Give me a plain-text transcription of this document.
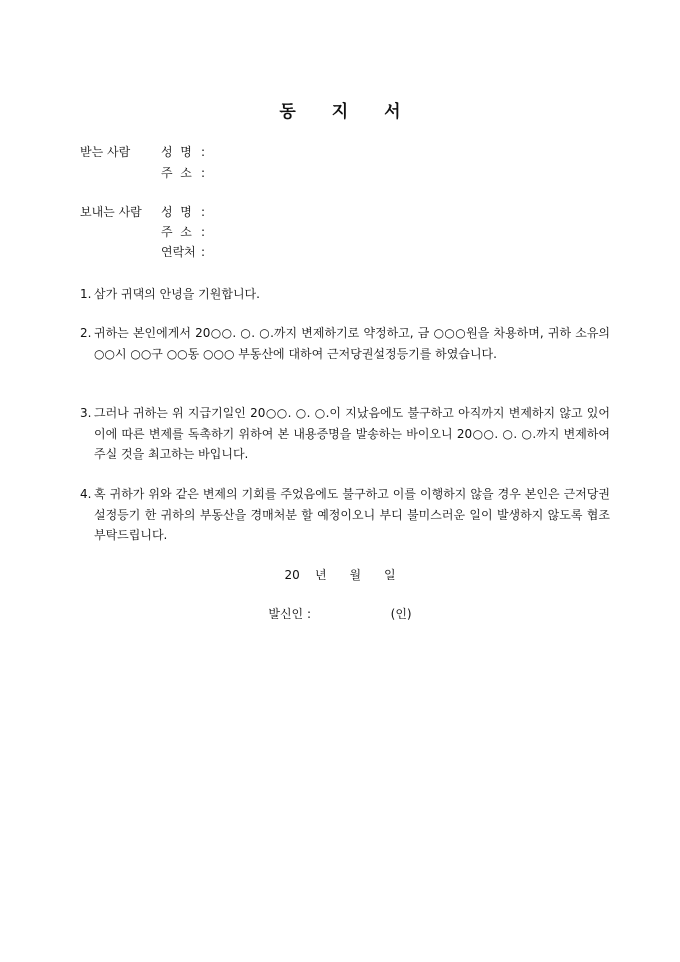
동 지 서
받는 사람	성  명 :
주  소 :
보내는 사람 성  명 :
주  소 :
연락처 :
1. 삼가 귀댁의 안녕을 기원합니다.
2. 귀하는 본인에게서 20○○. ○. ○.까지 변제하기로 약정하고, 금 ○○○원을 차용하며, 귀하 소유의 ○○시 ○○구 ○○동 ○○○ 부동산에 대하여 근저당권설정등기를 하였습니다.
3. 그러나 귀하는 위 지급기일인 20○○. ○. ○.이 지났음에도 불구하고 아직까지 변제하지 않고 있어 이에 따른 변제를 독촉하기 위하여 본 내용증명을 발송하는 바이오니 20○○. ○. ○.까지 변제하여 주실 것을 최고하는 바입니다.
4. 혹 귀하가 위와 같은 변제의 기회를 주었음에도 불구하고 이를 이행하지 않을 경우 본인은 근저당권설정등기 한 귀하의 부동산을 경매처분 할 예정이오니 부디 불미스러운 일이 발생하지 않도록 협조 부탁드립니다.
20    년      월      일
발신인 :	(인)
